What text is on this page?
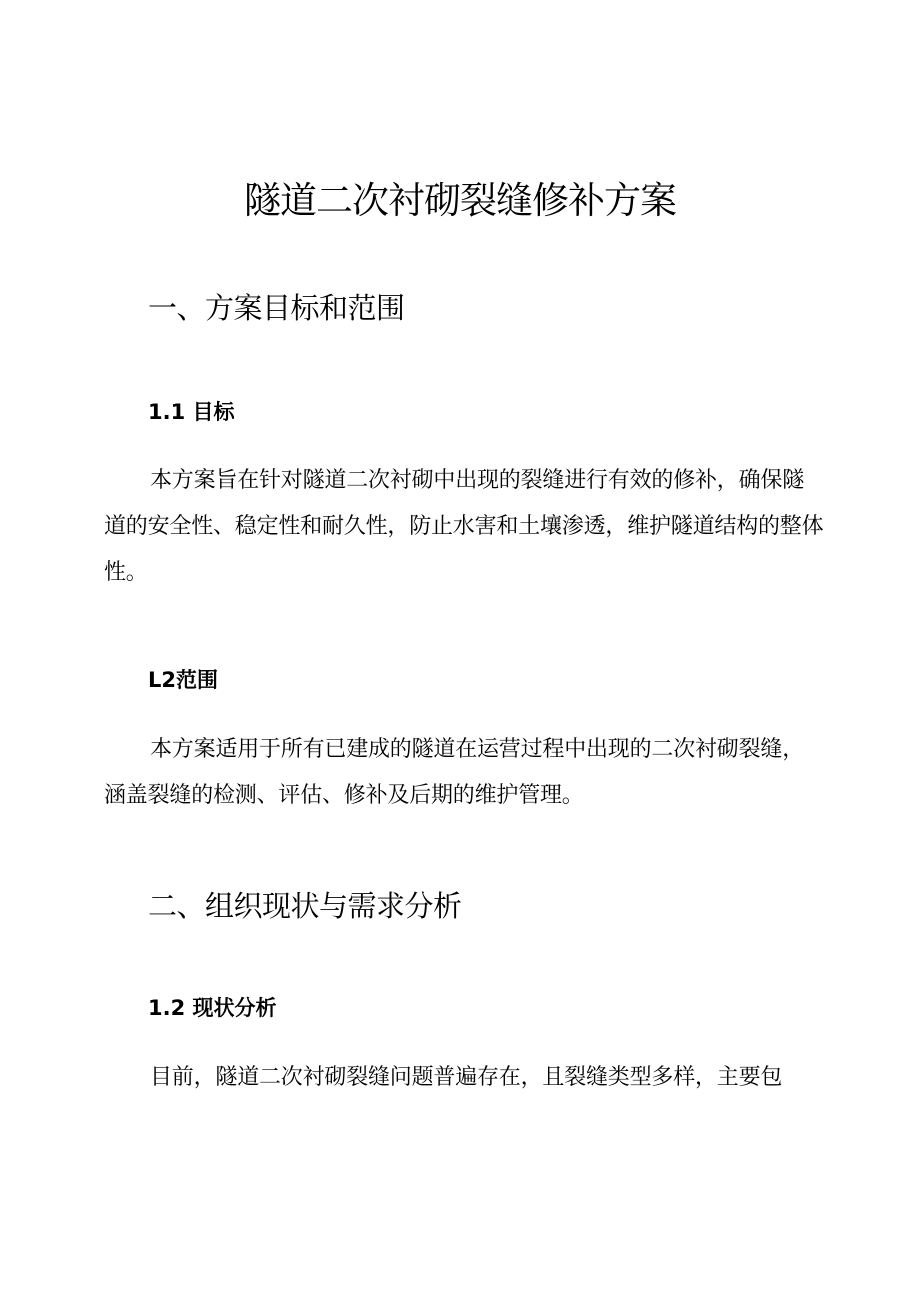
隧道二次衬砌裂缝修补方案
一、方案目标和范围
1.1 目标

本方案旨在针对隧道二次衬砌中出现的裂缝进行有效的修补，确保隧道的安全性、稳定性和耐久性，防止水害和土壤渗透，维护隧道结构的整体性。

L2范围

本方案适用于所有已建成的隧道在运营过程中出现的二次衬砌裂缝，涵盖裂缝的检测、评估、修补及后期的维护管理。

二、组织现状与需求分析
1.2 现状分析

目前，隧道二次衬砌裂缝问题普遍存在，且裂缝类型多样，主要包
